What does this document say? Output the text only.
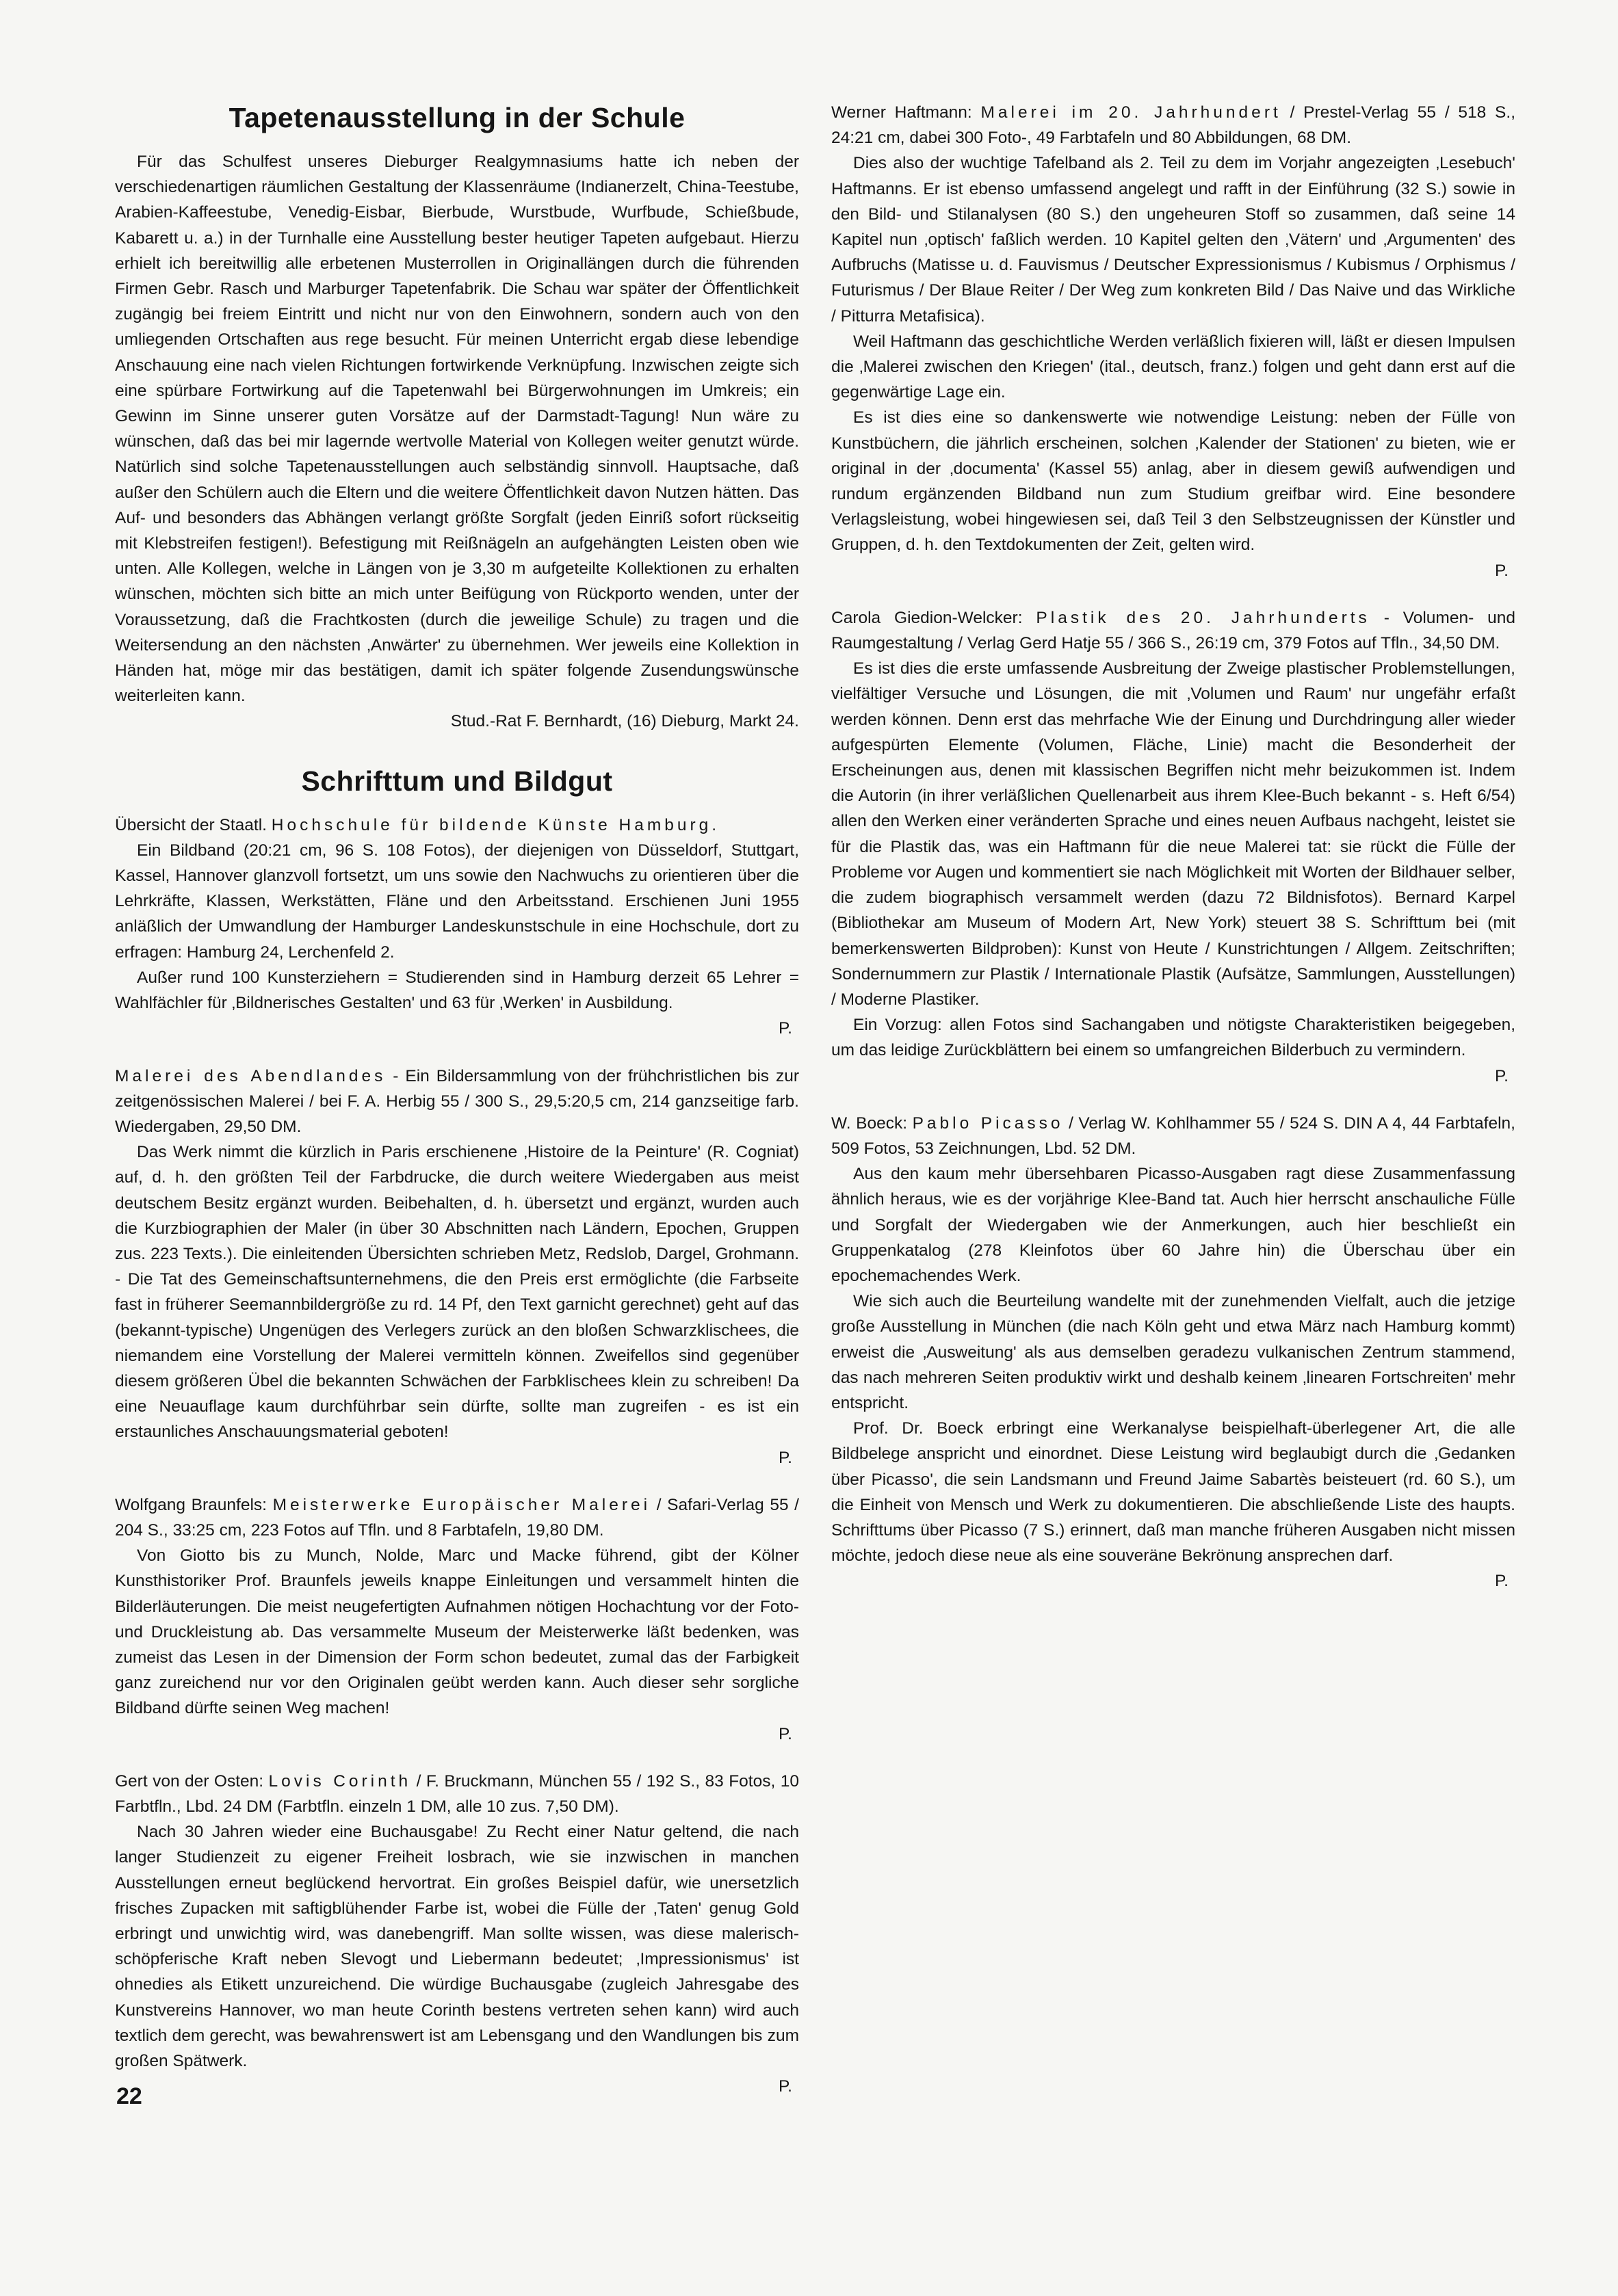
Tapetenausstellung in der Schule

Für das Schulfest unseres Dieburger Realgymnasiums hatte ich neben der verschiedenartigen räumlichen Gestaltung der Klassenräume (Indianerzelt, China-Teestube, Arabien-Kaffeestube, Venedig-Eisbar, Bierbude, Wurstbude, Wurfbude, Schießbude, Kabarett u. a.) in der Turnhalle eine Ausstellung bester heutiger Tapeten aufgebaut. Hierzu erhielt ich bereitwillig alle erbetenen Musterrollen in Originallängen durch die führenden Firmen Gebr. Rasch und Marburger Tapetenfabrik. Die Schau war später der Öffentlichkeit zugängig bei freiem Eintritt und nicht nur von den Einwohnern, sondern auch von den umliegenden Ortschaften aus rege besucht. Für meinen Unterricht ergab diese lebendige Anschauung eine nach vielen Richtungen fortwirkende Verknüpfung. Inzwischen zeigte sich eine spürbare Fortwirkung auf die Tapetenwahl bei Bürgerwohnungen im Umkreis; ein Gewinn im Sinne unserer guten Vorsätze auf der Darmstadt-Tagung! Nun wäre zu wünschen, daß das bei mir lagernde wertvolle Material von Kollegen weiter genutzt würde. Natürlich sind solche Tapetenausstellungen auch selbständig sinnvoll. Hauptsache, daß außer den Schülern auch die Eltern und die weitere Öffentlichkeit davon Nutzen hätten. Das Auf- und besonders das Abhängen verlangt größte Sorgfalt (jeden Einriß sofort rückseitig mit Klebstreifen festigen!). Befestigung mit Reißnägeln an aufgehängten Leisten oben wie unten. Alle Kollegen, welche in Längen von je 3,30 m aufgeteilte Kollektionen zu erhalten wünschen, möchten sich bitte an mich unter Beifügung von Rückporto wenden, unter der Voraussetzung, daß die Frachtkosten (durch die jeweilige Schule) zu tragen und die Weitersendung an den nächsten ‚Anwärter' zu übernehmen. Wer jeweils eine Kollektion in Händen hat, möge mir das bestätigen, damit ich später folgende Zusendungswünsche weiterleiten kann.

Stud.-Rat F. Bernhardt, (16) Dieburg, Markt 24.

Schrifttum und Bildgut

Übersicht der Staatl. Hochschule für bildende Künste Hamburg.

Ein Bildband (20:21 cm, 96 S. 108 Fotos), der diejenigen von Düsseldorf, Stuttgart, Kassel, Hannover glanzvoll fortsetzt, um uns sowie den Nachwuchs zu orientieren über die Lehrkräfte, Klassen, Werkstätten, Fläne und den Arbeitsstand. Erschienen Juni 1955 anläßlich der Umwandlung der Hamburger Landeskunstschule in eine Hochschule, dort zu erfragen: Hamburg 24, Lerchenfeld 2.

Außer rund 100 Kunsterziehern = Studierenden sind in Hamburg derzeit 65 Lehrer = Wahlfächler für ‚Bildnerisches Gestalten' und 63 für ‚Werken' in Ausbildung.

P.

Malerei des Abendlandes - Ein Bildersammlung von der frühchristlichen bis zur zeitgenössischen Malerei / bei F. A. Herbig 55 / 300 S., 29,5:20,5 cm, 214 ganzseitige farb. Wiedergaben, 29,50 DM.

Das Werk nimmt die kürzlich in Paris erschienene ‚Histoire de la Peinture' (R. Cogniat) auf, d. h. den größten Teil der Farbdrucke, die durch weitere Wiedergaben aus meist deutschem Besitz ergänzt wurden. Beibehalten, d. h. übersetzt und ergänzt, wurden auch die Kurzbiographien der Maler (in über 30 Abschnitten nach Ländern, Epochen, Gruppen zus. 223 Texts.). Die einleitenden Übersichten schrieben Metz, Redslob, Dargel, Grohmann. - Die Tat des Gemeinschaftsunternehmens, die den Preis erst ermöglichte (die Farbseite fast in früherer Seemannbildergröße zu rd. 14 Pf, den Text garnicht gerechnet) geht auf das (bekannt-typische) Ungenügen des Verlegers zurück an den bloßen Schwarzklischees, die niemandem eine Vorstellung der Malerei vermitteln können. Zweifellos sind gegenüber diesem größeren Übel die bekannten Schwächen der Farbklischees klein zu schreiben! Da eine Neuauflage kaum durchführbar sein dürfte, sollte man zugreifen - es ist ein erstaunliches Anschauungsmaterial geboten!

P.

Wolfgang Braunfels: Meisterwerke Europäischer Malerei / Safari-Verlag 55 / 204 S., 33:25 cm, 223 Fotos auf Tfln. und 8 Farbtafeln, 19,80 DM.

Von Giotto bis zu Munch, Nolde, Marc und Macke führend, gibt der Kölner Kunsthistoriker Prof. Braunfels jeweils knappe Einleitungen und versammelt hinten die Bilderläuterungen. Die meist neugefertigten Aufnahmen nötigen Hochachtung vor der Foto- und Druckleistung ab. Das versammelte Museum der Meisterwerke läßt bedenken, was zumeist das Lesen in der Dimension der Form schon bedeutet, zumal das der Farbigkeit ganz zureichend nur vor den Originalen geübt werden kann. Auch dieser sehr sorgliche Bildband dürfte seinen Weg machen!

P.

Gert von der Osten: Lovis Corinth / F. Bruckmann, München 55 / 192 S., 83 Fotos, 10 Farbtfln., Lbd. 24 DM (Farbtfln. einzeln 1 DM, alle 10 zus. 7,50 DM).

Nach 30 Jahren wieder eine Buchausgabe! Zu Recht einer Natur geltend, die nach langer Studienzeit zu eigener Freiheit losbrach, wie sie inzwischen in manchen Ausstellungen erneut beglückend hervortrat. Ein großes Beispiel dafür, wie unersetzlich frisches Zupacken mit saftigblühender Farbe ist, wobei die Fülle der ‚Taten' genug Gold erbringt und unwichtig wird, was danebengriff. Man sollte wissen, was diese malerisch-schöpferische Kraft neben Slevogt und Liebermann bedeutet; ‚Impressionismus' ist ohnedies als Etikett unzureichend. Die würdige Buchausgabe (zugleich Jahresgabe des Kunstvereins Hannover, wo man heute Corinth bestens vertreten sehen kann) wird auch textlich dem gerecht, was bewahrenswert ist am Lebensgang und den Wandlungen bis zum großen Spätwerk.

P.

Werner Haftmann: Malerei im 20. Jahrhundert / Prestel-Verlag 55 / 518 S., 24:21 cm, dabei 300 Foto-, 49 Farbtafeln und 80 Abbildungen, 68 DM.

Dies also der wuchtige Tafelband als 2. Teil zu dem im Vorjahr angezeigten ‚Lesebuch' Haftmanns. Er ist ebenso umfassend angelegt und rafft in der Einführung (32 S.) sowie in den Bild- und Stilanalysen (80 S.) den ungeheuren Stoff so zusammen, daß seine 14 Kapitel nun ‚optisch' faßlich werden. 10 Kapitel gelten den ‚Vätern' und ‚Argumenten' des Aufbruchs (Matisse u. d. Fauvismus / Deutscher Expressionismus / Kubismus / Orphismus / Futurismus / Der Blaue Reiter / Der Weg zum konkreten Bild / Das Naive und das Wirkliche / Pitturra Metafisica).

Weil Haftmann das geschichtliche Werden verläßlich fixieren will, läßt er diesen Impulsen die ‚Malerei zwischen den Kriegen' (ital., deutsch, franz.) folgen und geht dann erst auf die gegenwärtige Lage ein.

Es ist dies eine so dankenswerte wie notwendige Leistung: neben der Fülle von Kunstbüchern, die jährlich erscheinen, solchen ‚Kalender der Stationen' zu bieten, wie er original in der ‚documenta' (Kassel 55) anlag, aber in diesem gewiß aufwendigen und rundum ergänzenden Bildband nun zum Studium greifbar wird. Eine besondere Verlagsleistung, wobei hingewiesen sei, daß Teil 3 den Selbstzeugnissen der Künstler und Gruppen, d. h. den Textdokumenten der Zeit, gelten wird.

P.

Carola Giedion-Welcker: Plastik des 20. Jahrhunderts - Volumen- und Raumgestaltung / Verlag Gerd Hatje 55 / 366 S., 26:19 cm, 379 Fotos auf Tfln., 34,50 DM.

Es ist dies die erste umfassende Ausbreitung der Zweige plastischer Problemstellungen, vielfältiger Versuche und Lösungen, die mit ‚Volumen und Raum' nur ungefähr erfaßt werden können. Denn erst das mehrfache Wie der Einung und Durchdringung aller wieder aufgespürten Elemente (Volumen, Fläche, Linie) macht die Besonderheit der Erscheinungen aus, denen mit klassischen Begriffen nicht mehr beizukommen ist. Indem die Autorin (in ihrer verläßlichen Quellenarbeit aus ihrem Klee-Buch bekannt - s. Heft 6/54) allen den Werken einer veränderten Sprache und eines neuen Aufbaus nachgeht, leistet sie für die Plastik das, was ein Haftmann für die neue Malerei tat: sie rückt die Fülle der Probleme vor Augen und kommentiert sie nach Möglichkeit mit Worten der Bildhauer selber, die zudem biographisch versammelt werden (dazu 72 Bildnisfotos). Bernard Karpel (Bibliothekar am Museum of Modern Art, New York) steuert 38 S. Schrifttum bei (mit bemerkenswerten Bildproben): Kunst von Heute / Kunstrichtungen / Allgem. Zeitschriften; Sondernummern zur Plastik / Internationale Plastik (Aufsätze, Sammlungen, Ausstellungen) / Moderne Plastiker.

Ein Vorzug: allen Fotos sind Sachangaben und nötigste Charakteristiken beigegeben, um das leidige Zurückblättern bei einem so umfangreichen Bilderbuch zu vermindern.

P.

W. Boeck: Pablo Picasso / Verlag W. Kohlhammer 55 / 524 S. DIN A 4, 44 Farbtafeln, 509 Fotos, 53 Zeichnungen, Lbd. 52 DM.

Aus den kaum mehr übersehbaren Picasso-Ausgaben ragt diese Zusammenfassung ähnlich heraus, wie es der vorjährige Klee-Band tat. Auch hier herrscht anschauliche Fülle und Sorgfalt der Wiedergaben wie der Anmerkungen, auch hier beschließt ein Gruppenkatalog (278 Kleinfotos über 60 Jahre hin) die Überschau über ein epochemachendes Werk.

Wie sich auch die Beurteilung wandelte mit der zunehmenden Vielfalt, auch die jetzige große Ausstellung in München (die nach Köln geht und etwa März nach Hamburg kommt) erweist die ‚Ausweitung' als aus demselben geradezu vulkanischen Zentrum stammend, das nach mehreren Seiten produktiv wirkt und deshalb keinem ‚linearen Fortschreiten' mehr entspricht.

Prof. Dr. Boeck erbringt eine Werkanalyse beispielhaft-überlegener Art, die alle Bildbelege anspricht und einordnet. Diese Leistung wird beglaubigt durch die ‚Gedanken über Picasso', die sein Landsmann und Freund Jaime Sabartès beisteuert (rd. 60 S.), um die Einheit von Mensch und Werk zu dokumentieren. Die abschließende Liste des haupts. Schrifttums über Picasso (7 S.) erinnert, daß man manche früheren Ausgaben nicht missen möchte, jedoch diese neue als eine souveräne Bekrönung ansprechen darf.

P.

22
